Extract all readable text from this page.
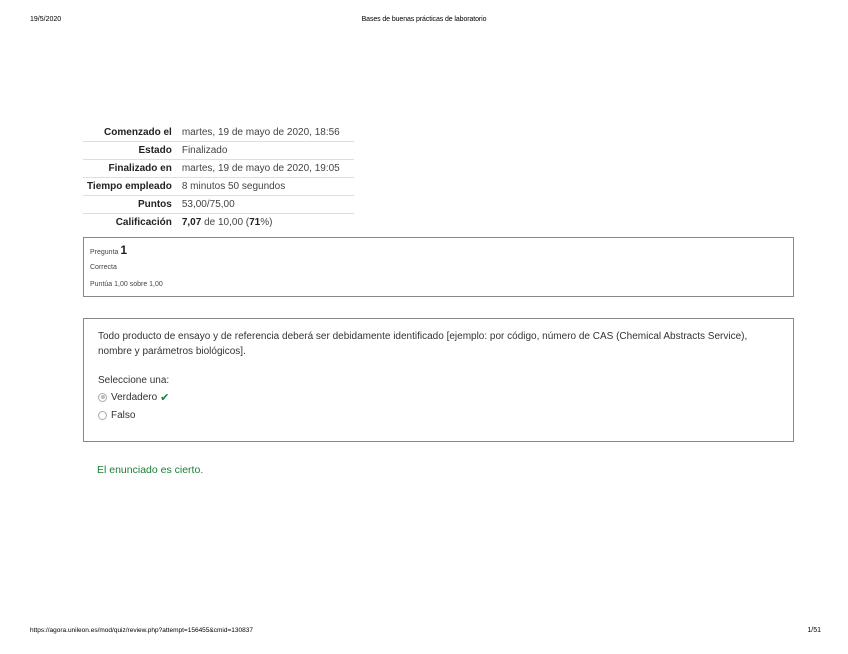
19/5/2020	Bases de buenas prácticas de laboratorio
Comenzado el	martes, 19 de mayo de 2020, 18:56
Estado	Finalizado
Finalizado en	martes, 19 de mayo de 2020, 19:05
Tiempo empleado	8 minutos 50 segundos
Puntos	53,00/75,00
Calificación	7,07 de 10,00 (71%)
Pregunta 1
Correcta
Puntúa 1,00 sobre 1,00
Todo producto de ensayo y de referencia deberá ser debidamente identificado [ejemplo: por código, número de CAS (Chemical Abstracts Service), nombre y parámetros biológicos].
Seleccione una:
Verdadero ✔
Falso
El enunciado es cierto.
https://agora.unileon.es/mod/quiz/review.php?attempt=156455&cmid=130837	1/51
